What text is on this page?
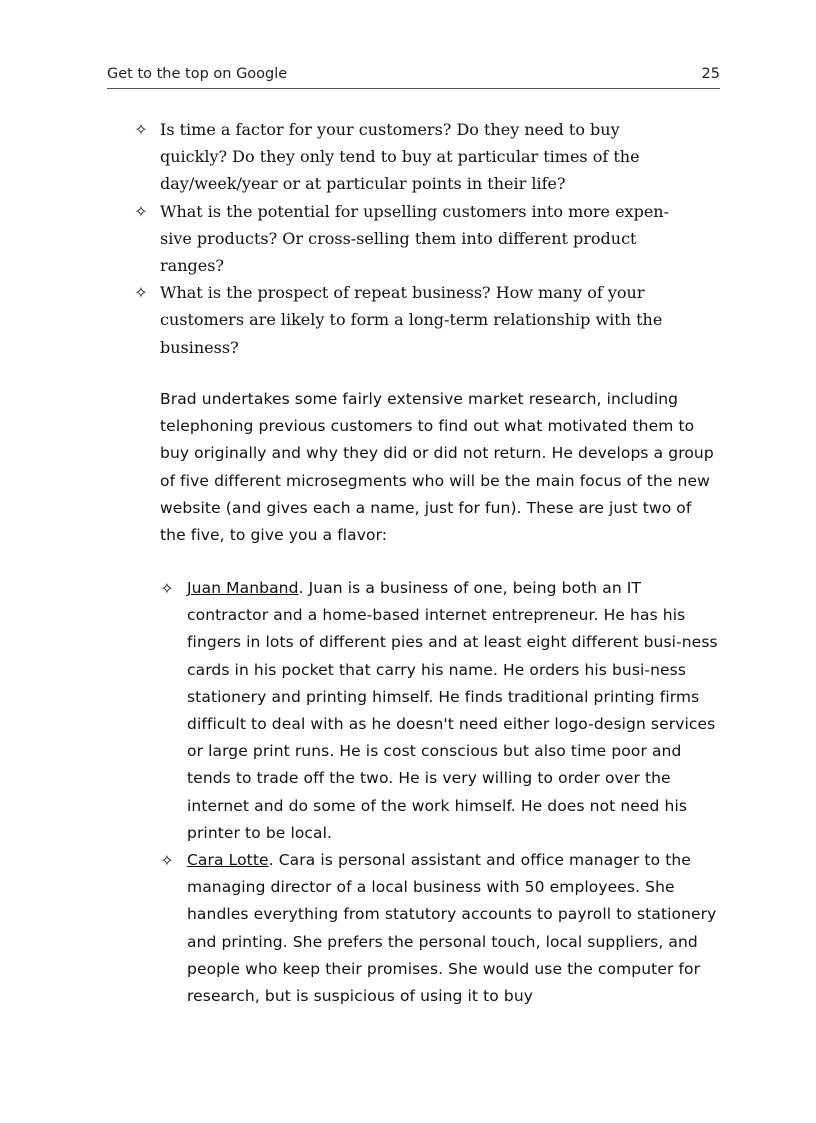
Get to the top on Google	25
✧ Is time a factor for your customers? Do they need to buy quickly? Do they only tend to buy at particular times of the day/week/year or at particular points in their life?
✧ What is the potential for upselling customers into more expen-sive products? Or cross-selling them into different product ranges?
✧ What is the prospect of repeat business? How many of your customers are likely to form a long-term relationship with the business?

Brad undertakes some fairly extensive market research, including telephoning previous customers to find out what motivated them to buy originally and why they did or did not return. He develops a group of five different microsegments who will be the main focus of the new website (and gives each a name, just for fun). These are just two of the five, to give you a flavor:

✧ Juan Manband. Juan is a business of one, being both an IT contractor and a home-based internet entrepreneur. He has his fingers in lots of different pies and at least eight different busi-ness cards in his pocket that carry his name. He orders his busi-ness stationery and printing himself. He finds traditional printing firms difficult to deal with as he doesn't need either logo-design services or large print runs. He is cost conscious but also time poor and tends to trade off the two. He is very willing to order over the internet and do some of the work himself. He does not need his printer to be local.
✧ Cara Lotte. Cara is personal assistant and office manager to the managing director of a local business with 50 employees. She handles everything from statutory accounts to payroll to stationery and printing. She prefers the personal touch, local suppliers, and people who keep their promises. She would use the computer for research, but is suspicious of using it to buy
